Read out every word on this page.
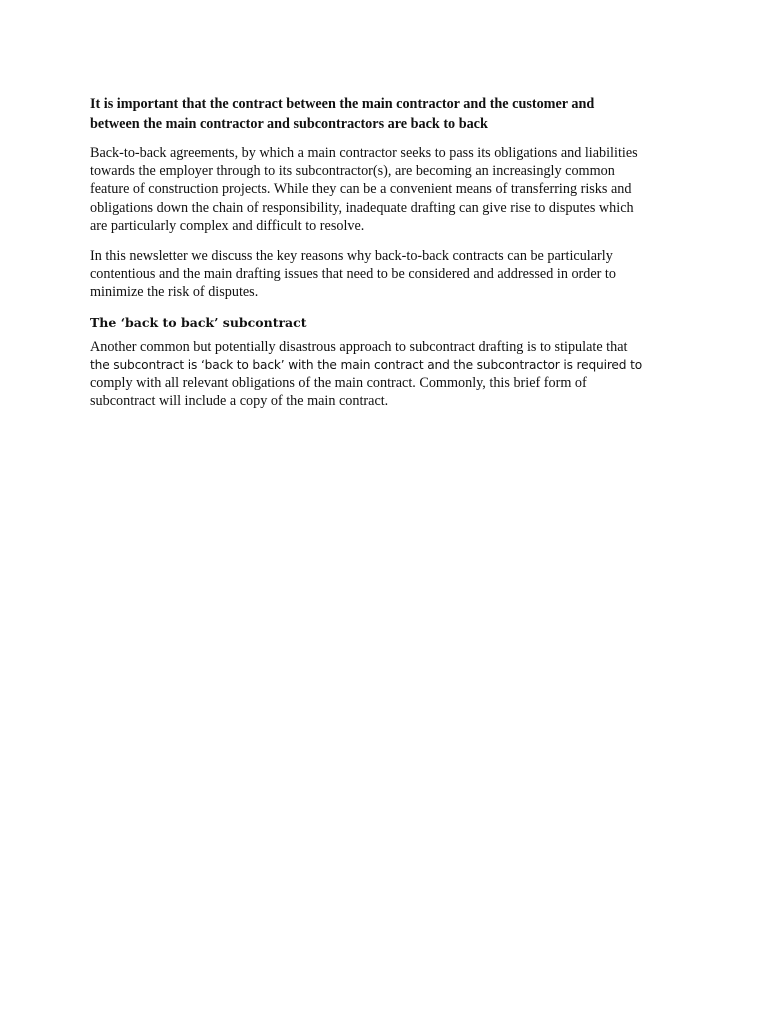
It is important that the contract between the main contractor and the customer and
between the main contractor and subcontractors are back to back
Back-to-back agreements, by which a main contractor seeks to pass its obligations and liabilities
towards the employer through to its subcontractor(s), are becoming an increasingly common
feature of construction projects. While they can be a convenient means of transferring risks and
obligations down the chain of responsibility, inadequate drafting can give rise to disputes which
are particularly complex and difficult to resolve.
In this newsletter we discuss the key reasons why back-to-back contracts can be particularly
contentious and the main drafting issues that need to be considered and addressed in order to
minimize the risk of disputes.
The ‘back to back’ subcontract
Another common but potentially disastrous approach to subcontract drafting is to stipulate that
the subcontract is ‘back to back’ with the main contract and the subcontractor is required to
comply with all relevant obligations of the main contract. Commonly, this brief form of
subcontract will include a copy of the main contract.
